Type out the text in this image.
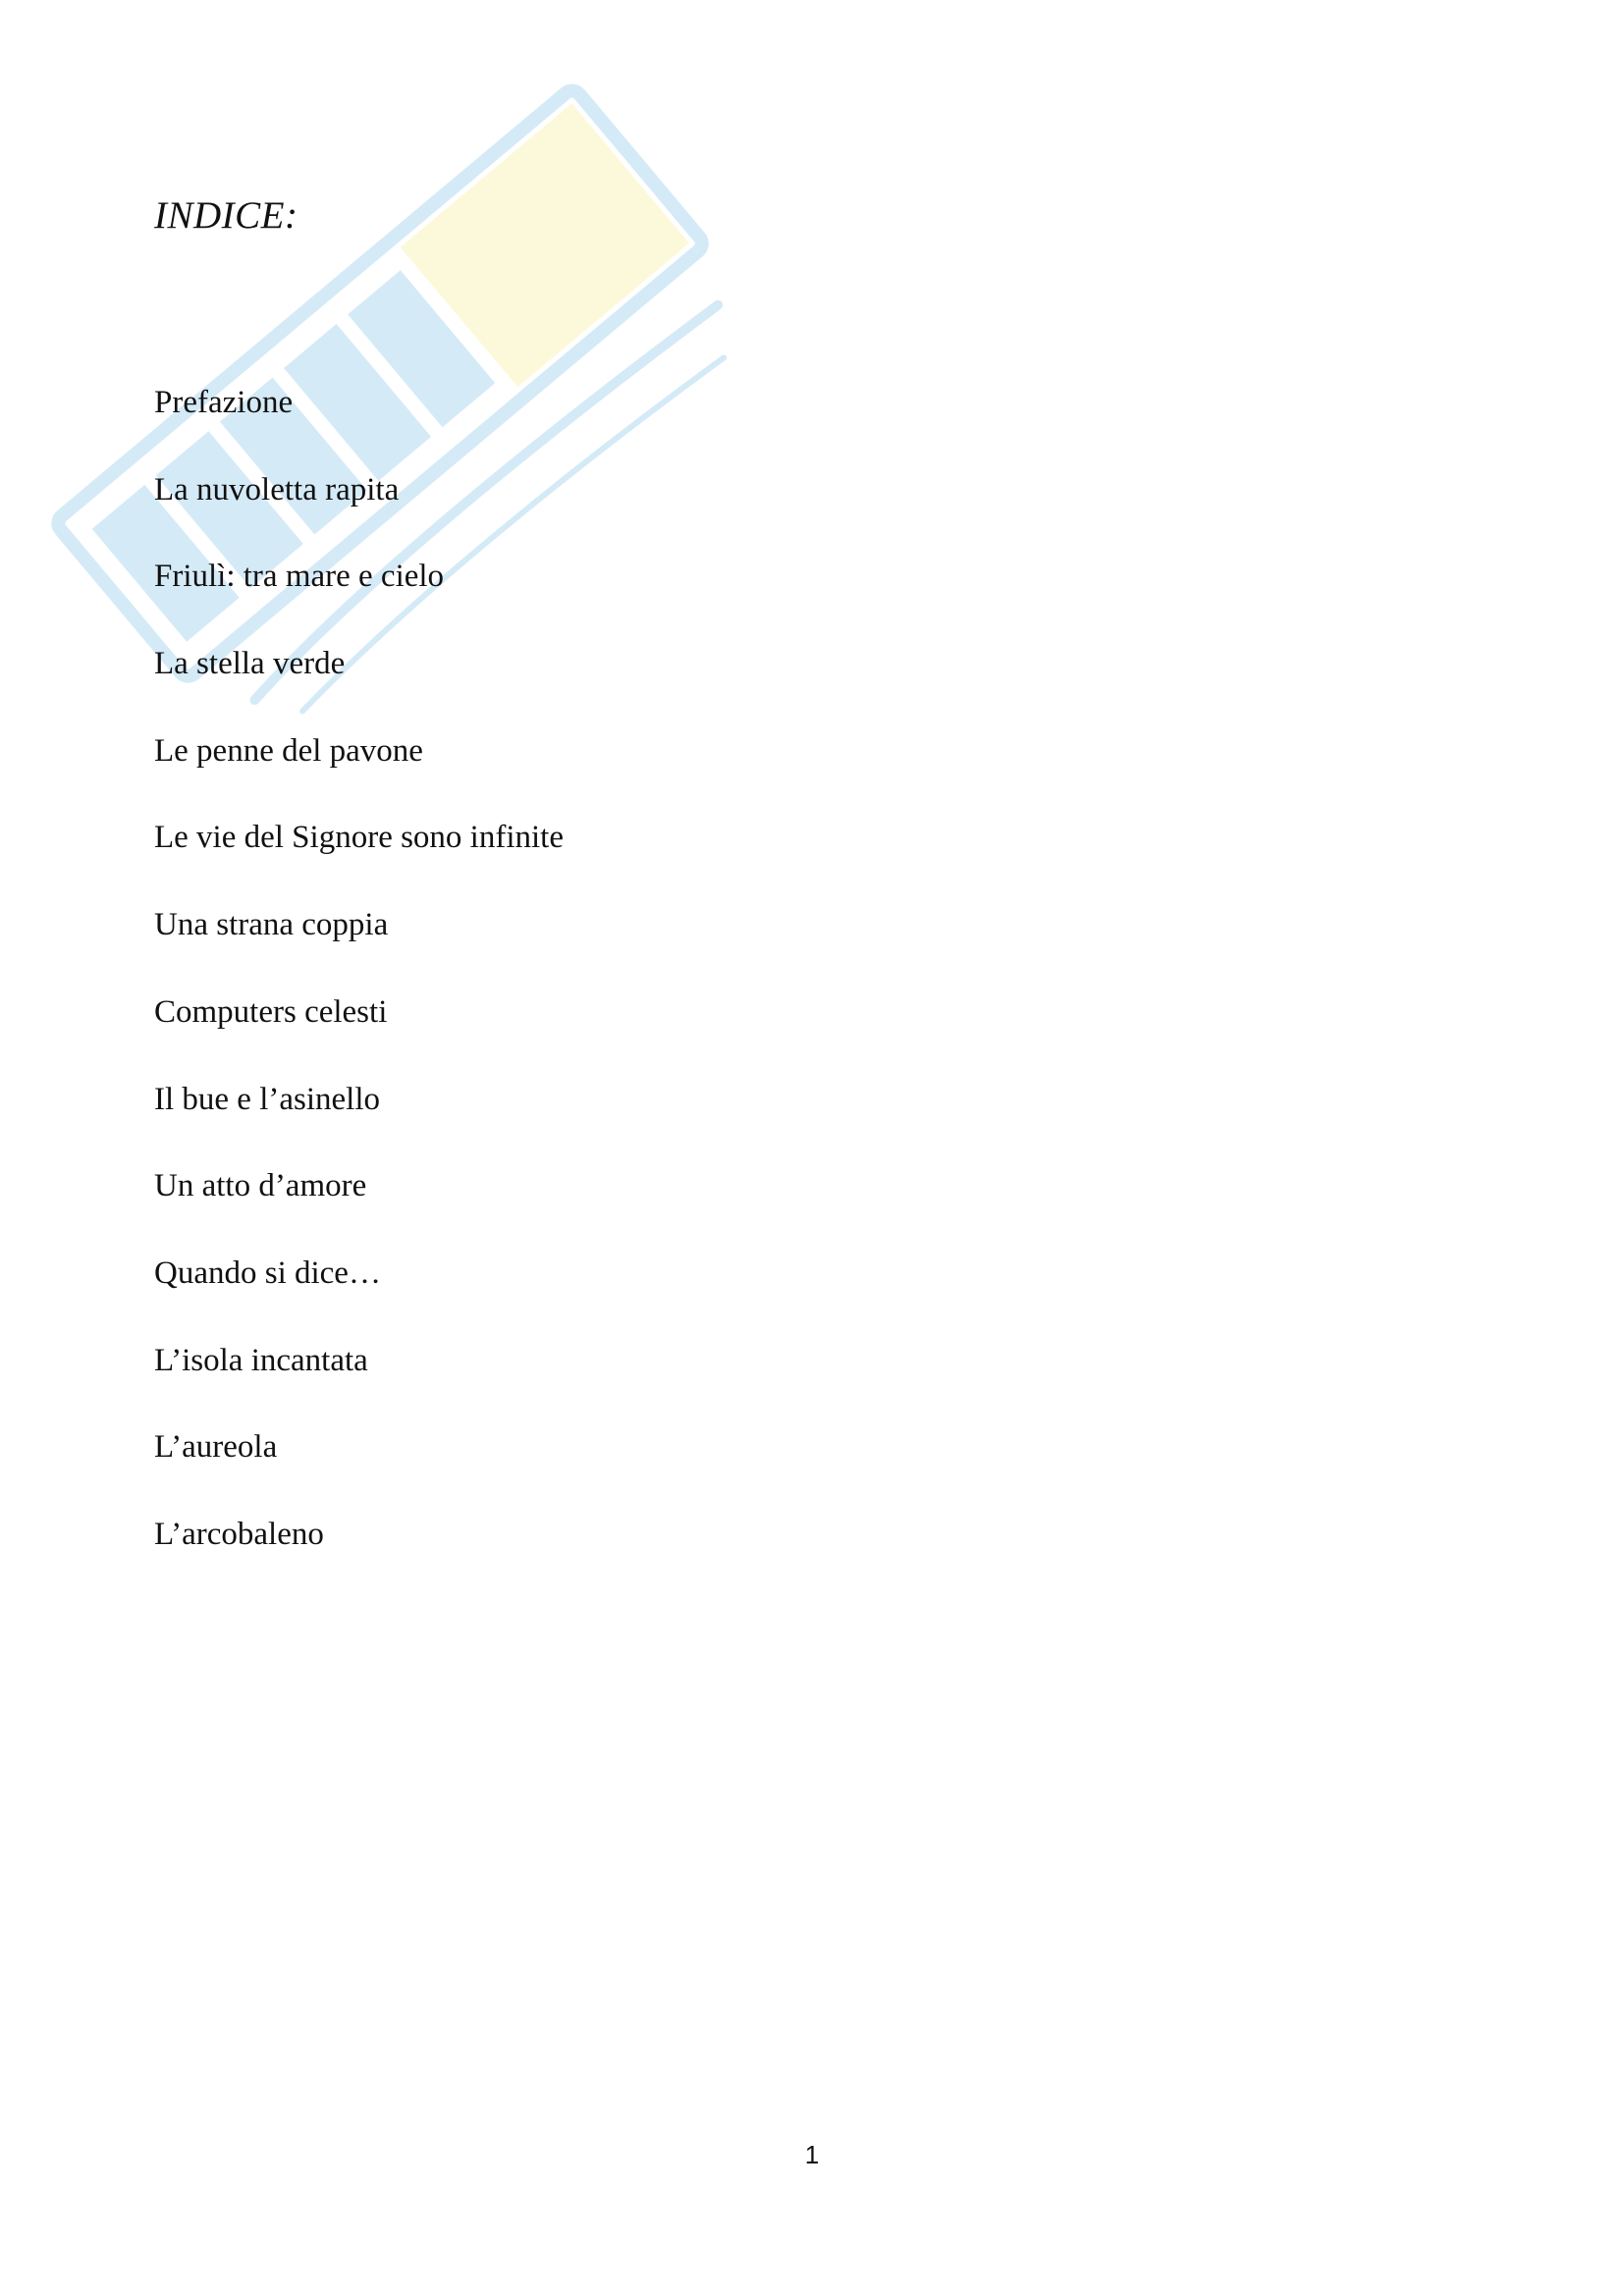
INDICE:
Prefazione
La nuvoletta rapita
Friulì: tra mare e cielo
La stella verde
Le penne del pavone
Le vie del Signore sono infinite
Una strana coppia
Computers celesti
Il bue e l’asinello
Un atto d’amore
Quando si dice…
L’isola incantata
L’aureola
L’arcobaleno
1
